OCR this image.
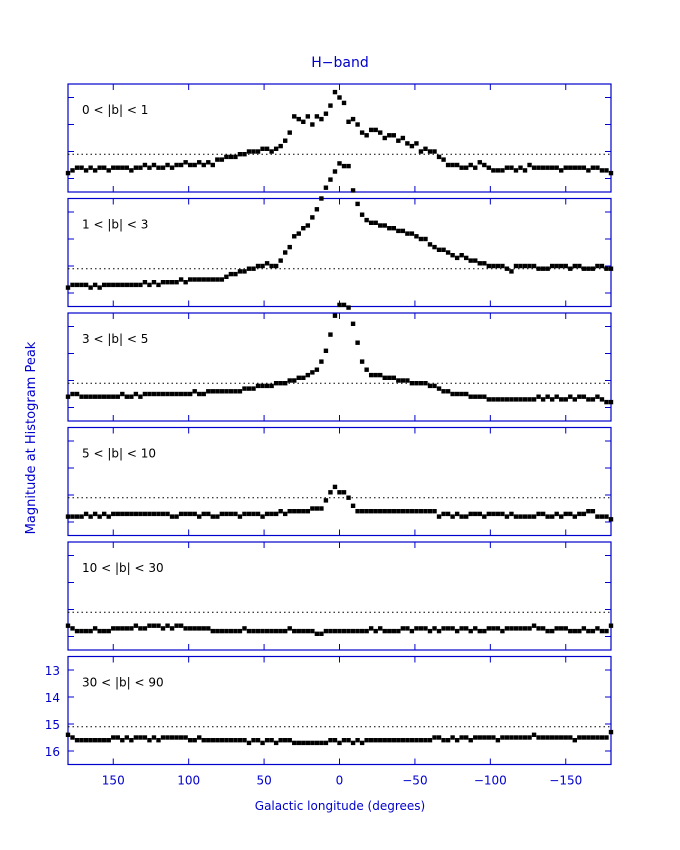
H−band
Magnitude at Histogram Peak
Galactic longitude (degrees)
0 < |b| < 1
1 < |b| < 3
3 < |b| < 5
5 < |b| < 10
10 < |b| < 30
30 < |b| < 90
13
14
15
16
150	100	50	0	−50	−100	−150
